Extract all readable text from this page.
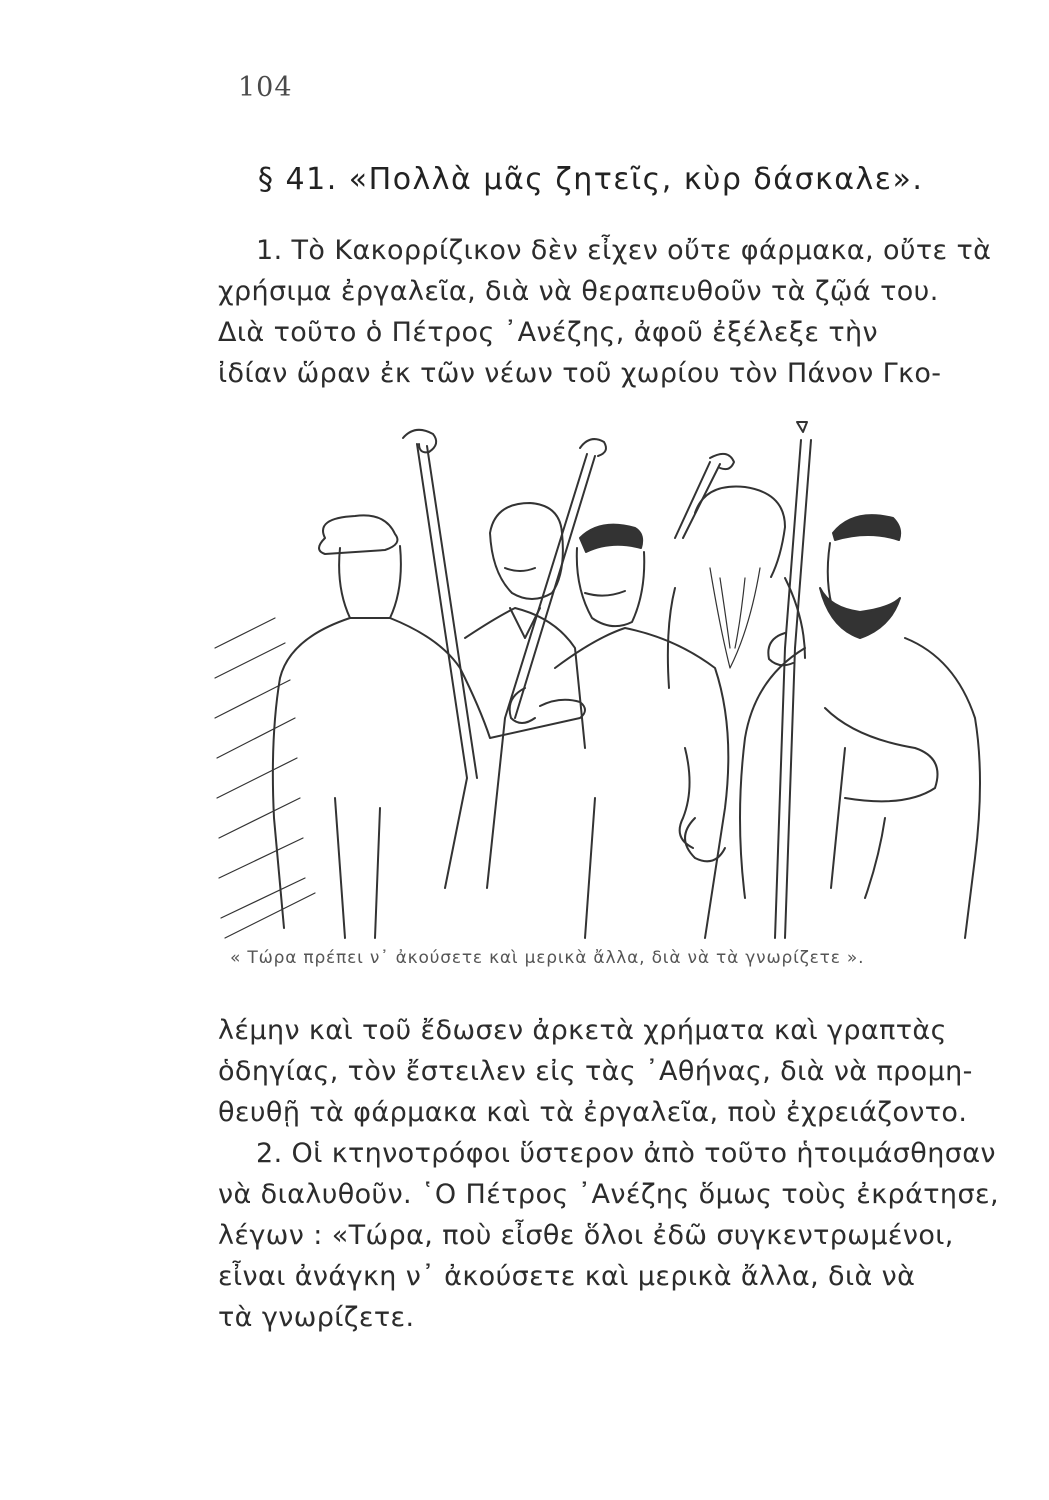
104
§ 41. «Πολλὰ μᾶς ζητεῖς, κὺρ δάσκαλε».

1. Τὸ Κακορρίζικον δὲν εἶχεν οὔτε φάρμακα, οὔτε τὰ
χρήσιμα ἐργαλεῖα, διὰ νὰ θεραπευθοῦν τὰ ζῷά του.
Διὰ τοῦτο ὁ Πέτρος ᾿Ανέζης, ἀφοῦ ἐξέλεξε τὴν
ἰδίαν ὥραν ἐκ τῶν νέων τοῦ χωρίου τὸν Πάνον Γκο-

« Τώρα πρέπει ν᾿ ἀκούσετε καὶ μερικὰ ἄλλα, διὰ νὰ τὰ γνωρίζετε ».

λέμην καὶ τοῦ ἔδωσεν ἀρκετὰ χρήματα καὶ γραπτὰς
ὁδηγίας, τὸν ἔστειλεν εἰς τὰς ᾿Αθήνας, διὰ νὰ προμη-
θευθῇ τὰ φάρμακα καὶ τὰ ἐργαλεῖα, ποὺ ἐχρειάζοντο.
2. Οἱ κτηνοτρόφοι ὕστερον ἀπὸ τοῦτο ἡτοιμάσθησαν
νὰ διαλυθοῦν. ῾Ο Πέτρος ᾿Ανέζης ὅμως τοὺς ἐκράτησε,
λέγων : «Τώρα, ποὺ εἶσθε ὅλοι ἐδῶ συγκεντρωμένοι,
εἶναι ἀνάγκη ν᾿ ἀκούσετε καὶ μερικὰ ἄλλα, διὰ νὰ
τὰ γνωρίζετε.
